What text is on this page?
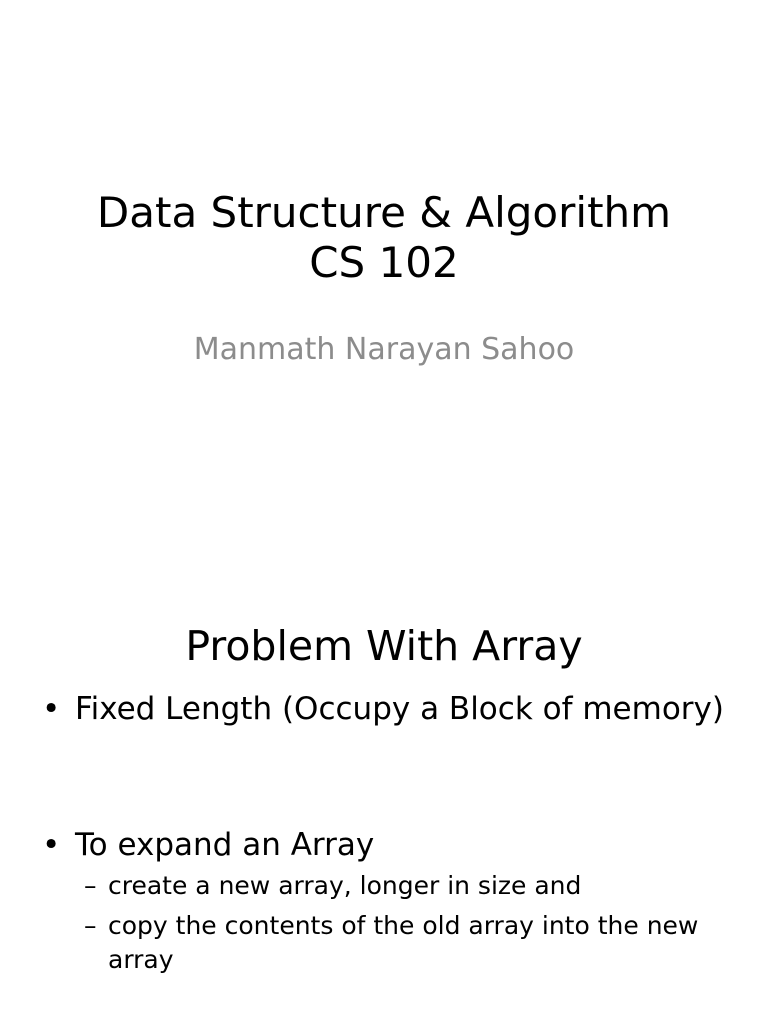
Data Structure & Algorithm
CS 102
Manmath Narayan Sahoo
Problem With Array
• Fixed Length (Occupy a Block of memory)
• To expand an Array
– create a new array, longer in size and
– copy the contents of the old array into the new array
